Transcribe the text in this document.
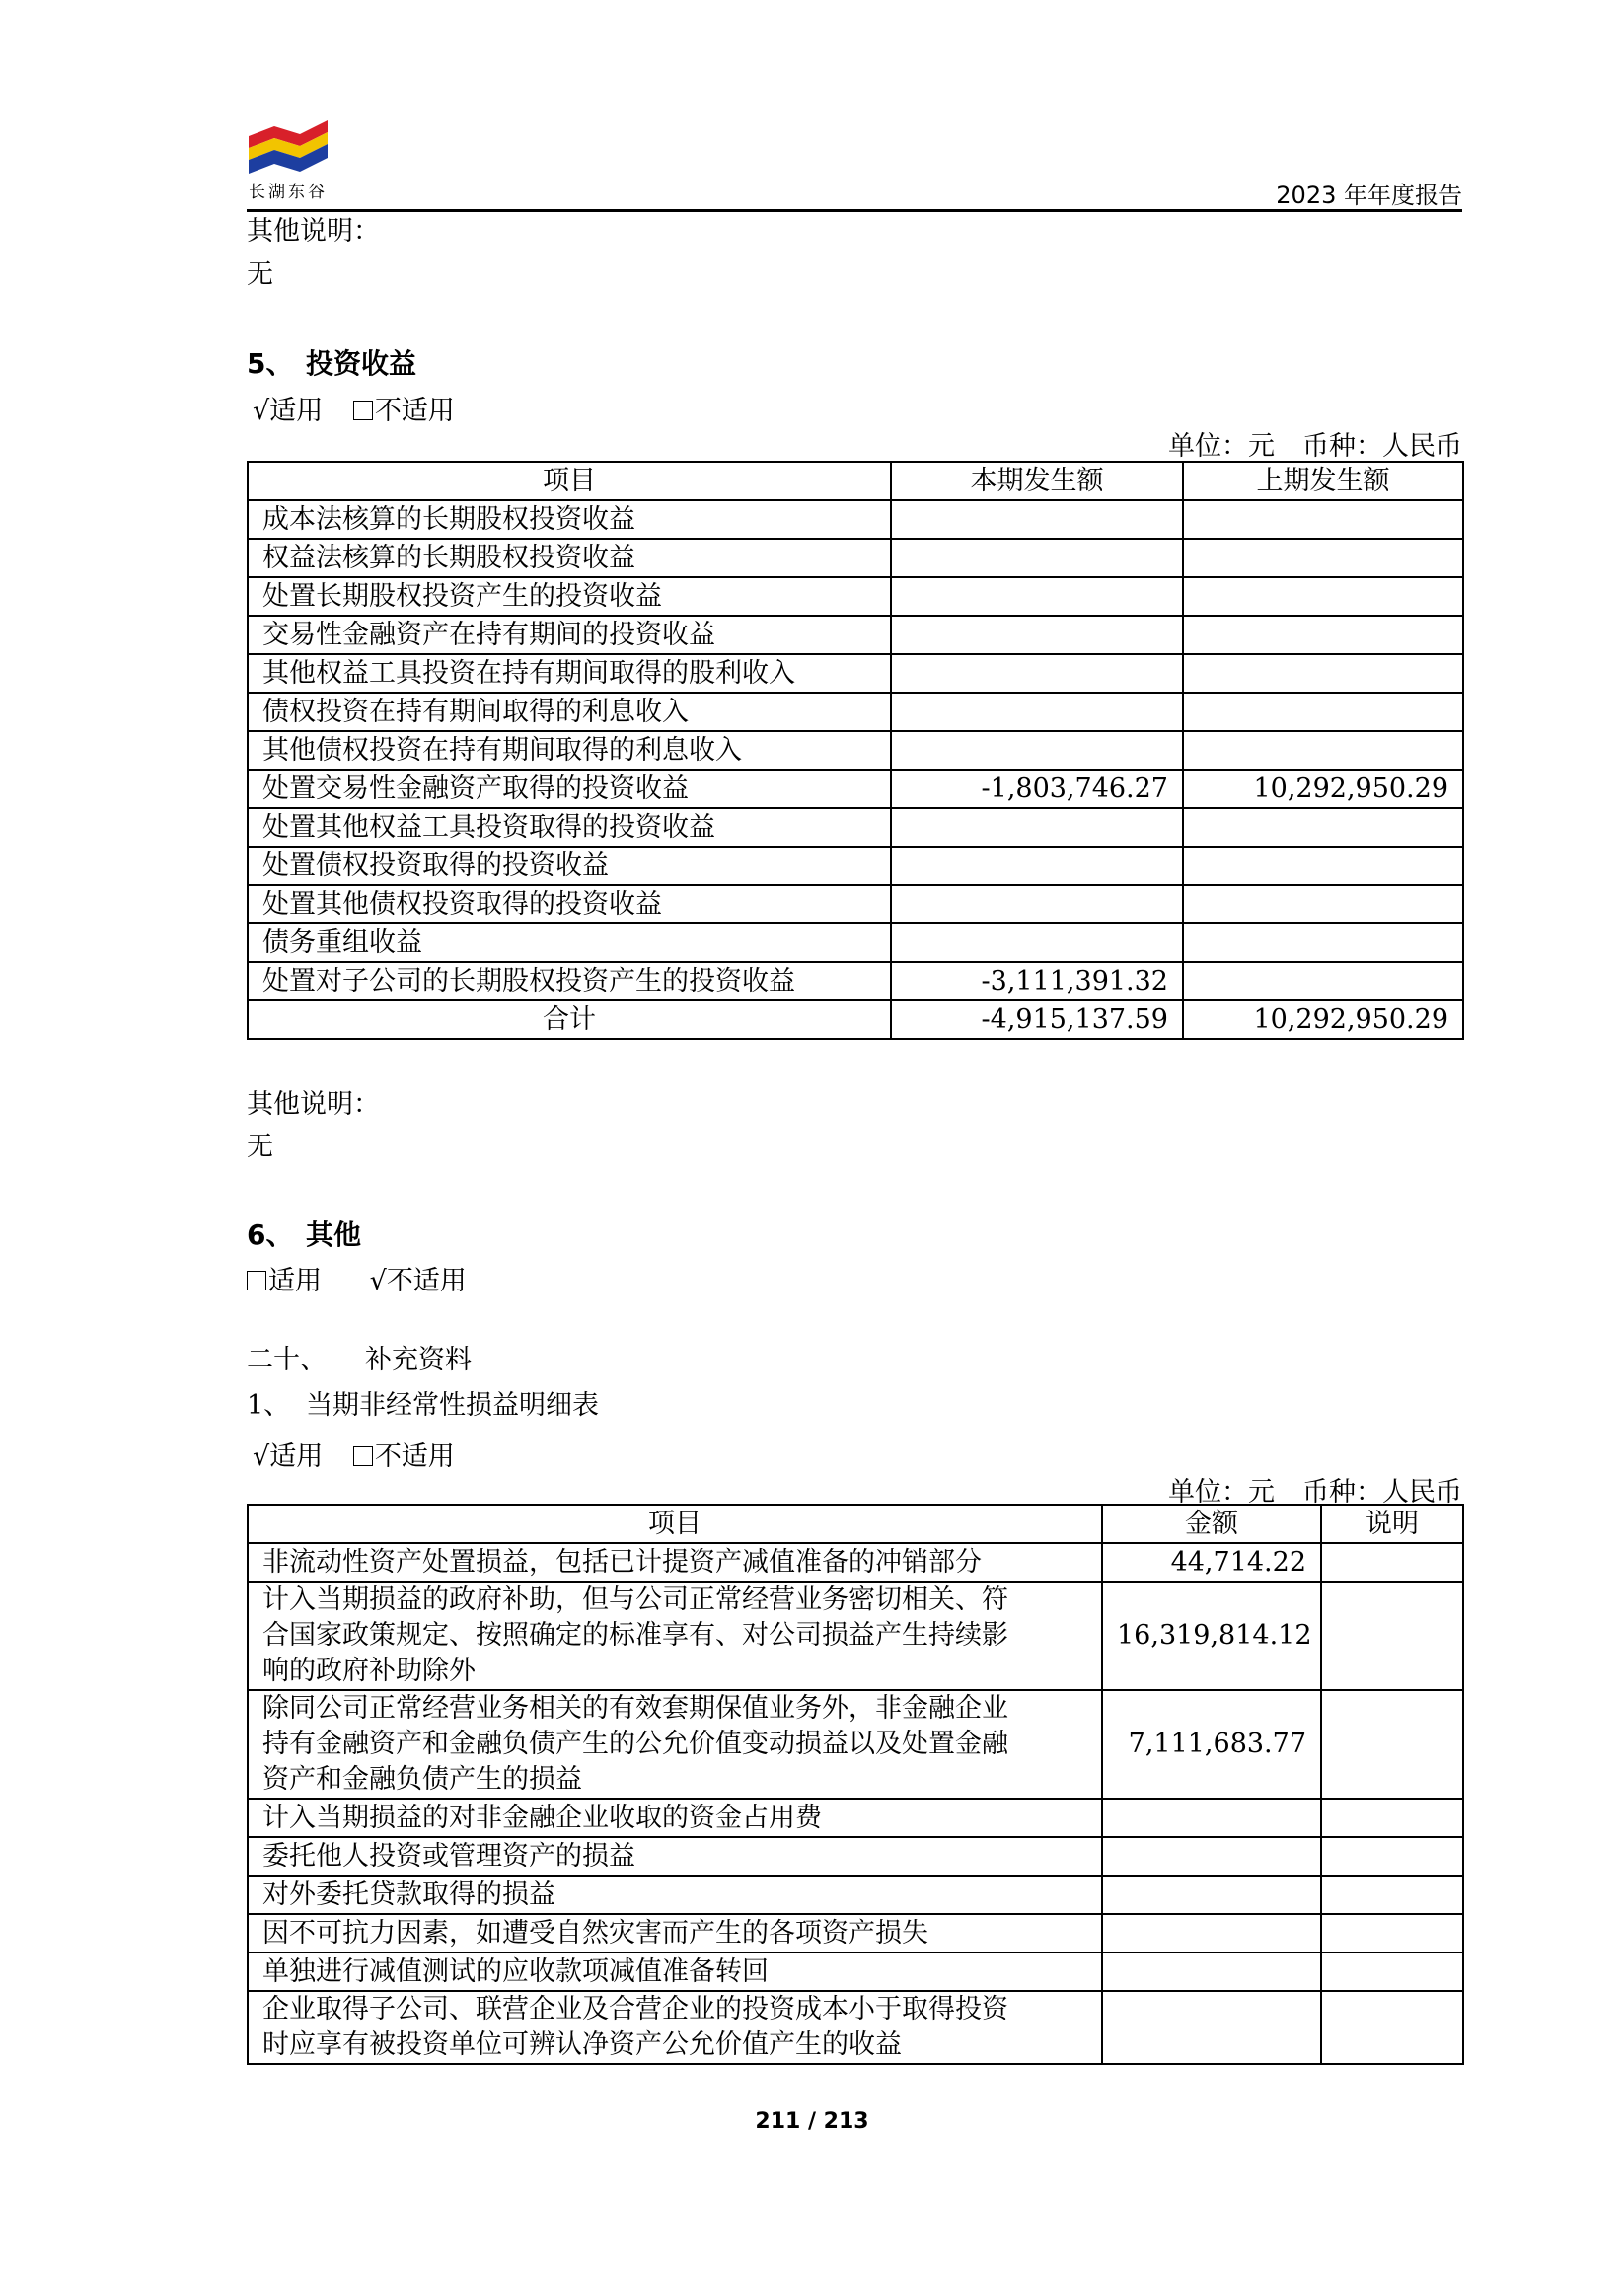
长湖东谷	2023 年年度报告
其他说明：
无
5、 投资收益
√适用 不适用
单位：元 币种：人民币
项目	本期发生额	上期发生额
成本法核算的长期股权投资收益		
权益法核算的长期股权投资收益		
处置长期股权投资产生的投资收益		
交易性金融资产在持有期间的投资收益		
其他权益工具投资在持有期间取得的股利收入		
债权投资在持有期间取得的利息收入		
其他债权投资在持有期间取得的利息收入		
处置交易性金融资产取得的投资收益	-1,803,746.27	10,292,950.29
处置其他权益工具投资取得的投资收益		
处置债权投资取得的投资收益		
处置其他债权投资取得的投资收益		
债务重组收益		
处置对子公司的长期股权投资产生的投资收益	-3,111,391.32	
合计	-4,915,137.59	10,292,950.29
其他说明：
无
6、 其他
适用 √不适用
二十、 补充资料
1、 当期非经常性损益明细表
√适用 不适用
单位：元 币种：人民币
项目	金额	说明

非流动性资产处置损益，包括已计提资产减值准备的冲销部分	44,714.22	

计入当期损益的政府补助，但与公司正常经营业务密切相关、符
合国家政策规定、按照确定的标准享有、对公司损益产生持续影
响的政府补助除外	16,319,814.12	

除同公司正常经营业务相关的有效套期保值业务外，非金融企业
持有金融资产和金融负债产生的公允价值变动损益以及处置金融
资产和金融负债产生的损益	7,111,683.77	

计入当期损益的对非金融企业收取的资金占用费		

委托他人投资或管理资产的损益		

对外委托贷款取得的损益		

因不可抗力因素，如遭受自然灾害而产生的各项资产损失		

单独进行减值测试的应收款项减值准备转回		

企业取得子公司、联营企业及合营企业的投资成本小于取得投资
时应享有被投资单位可辨认净资产公允价值产生的收益		

211 / 213
